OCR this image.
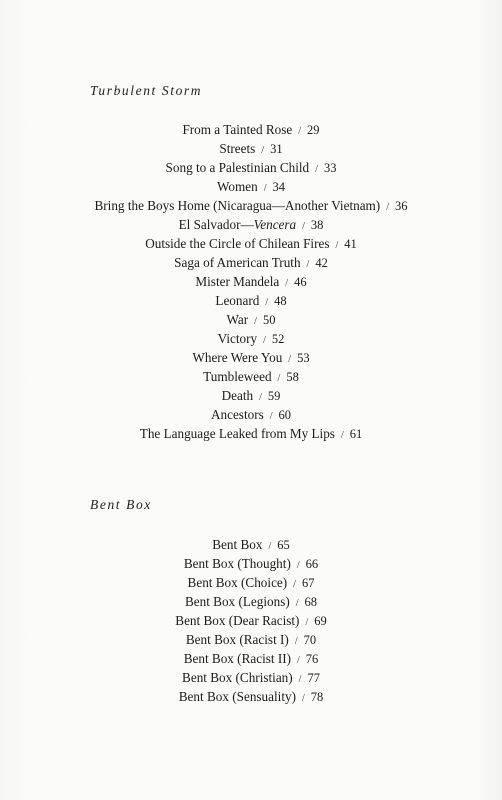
Turbulent Storm
From a Tainted Rose / 29
Streets / 31
Song to a Palestinian Child / 33
Women / 34
Bring the Boys Home (Nicaragua—Another Vietnam) / 36
El Salvador—Vencera / 38
Outside the Circle of Chilean Fires / 41
Saga of American Truth / 42
Mister Mandela / 46
Leonard / 48
War / 50
Victory / 52
Where Were You / 53
Tumbleweed / 58
Death / 59
Ancestors / 60
The Language Leaked from My Lips / 61
Bent Box
Bent Box / 65
Bent Box (Thought) / 66
Bent Box (Choice) / 67
Bent Box (Legions) / 68
Bent Box (Dear Racist) / 69
Bent Box (Racist I) / 70
Bent Box (Racist II) / 76
Bent Box (Christian) / 77
Bent Box (Sensuality) / 78
